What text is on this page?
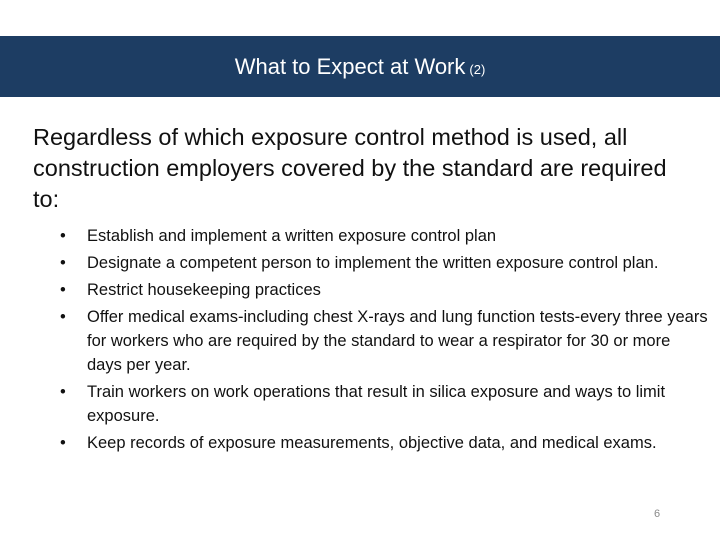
What to Expect at Work (2)
Regardless of which exposure control method is used, all construction employers covered by the standard are required to:
• Establish and implement a written exposure control plan
• Designate a competent person to implement the written exposure control plan.
• Restrict housekeeping practices
• Offer medical exams-including chest X-rays and lung function tests-every three years for workers who are required by the standard to wear a respirator for 30 or more days per year.
• Train workers on work operations that result in silica exposure and ways to limit exposure.
• Keep records of exposure measurements, objective data, and medical exams.
6
